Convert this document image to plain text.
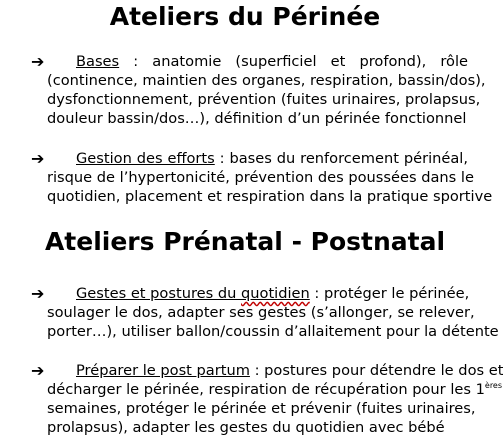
Ateliers du Périnée
➔ Bases : anatomie (superficiel et profond), rôle
(continence, maintien des organes, respiration, bassin/dos),
dysfonctionnement, prévention (fuites urinaires, prolapsus,
douleur bassin/dos…), définition d’un périnée fonctionnel
➔ Gestion des efforts : bases du renforcement périnéal,
risque de l’hypertonicité, prévention des poussées dans le
quotidien, placement et respiration dans la pratique sportive
Ateliers Prénatal - Postnatal
➔ Gestes et postures du quotidien : protéger le périnée,
soulager le dos, adapter ses gestes (s’allonger, se relever,
porter…), utiliser ballon/coussin d’allaitement pour la détente
➔ Préparer le post partum : postures pour détendre le dos et
décharger le périnée, respiration de récupération pour les 1ères
semaines, protéger le périnée et prévenir (fuites urinaires,
prolapsus), adapter les gestes du quotidien avec bébé
